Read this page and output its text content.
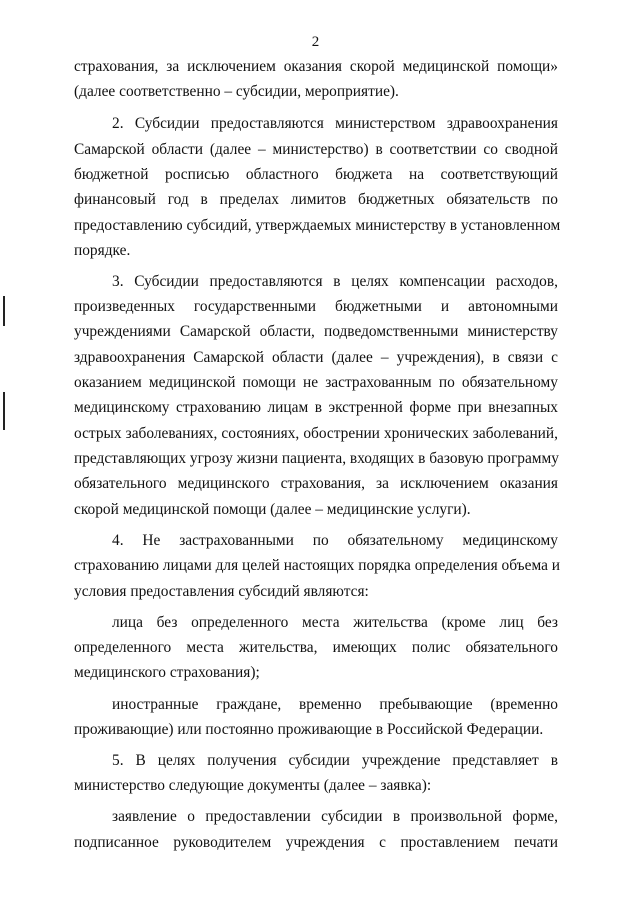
2
страхования, за исключением оказания скорой медицинской помощи»
(далее соответственно – субсидии, мероприятие).
2. Субсидии предоставляются министерством здравоохранения
Самарской области (далее – министерство) в соответствии со сводной
бюджетной росписью областного бюджета на соответствующий
финансовый год в пределах лимитов бюджетных обязательств по
предоставлению субсидий, утверждаемых министерству в установленном
порядке.
3. Субсидии предоставляются в целях компенсации расходов,
произведенных государственными бюджетными и автономными
учреждениями Самарской области, подведомственными министерству
здравоохранения Самарской области (далее – учреждения), в связи с
оказанием медицинской помощи не застрахованным по обязательному
медицинскому страхованию лицам в экстренной форме при внезапных
острых заболеваниях, состояниях, обострении хронических заболеваний,
представляющих угрозу жизни пациента, входящих в базовую программу
обязательного медицинского страхования, за исключением оказания
скорой медицинской помощи (далее – медицинские услуги).
4. Не застрахованными по обязательному медицинскому
страхованию лицами для целей настоящих порядка определения объема и
условия предоставления субсидий являются:
лица без определенного места жительства (кроме лиц без
определенного места жительства, имеющих полис обязательного
медицинского страхования);
иностранные граждане, временно пребывающие (временно
проживающие) или постоянно проживающие в Российской Федерации.
5. В целях получения субсидии учреждение представляет в
министерство следующие документы (далее – заявка):
заявление о предоставлении субсидии в произвольной форме,
подписанное руководителем учреждения с проставлением печати
